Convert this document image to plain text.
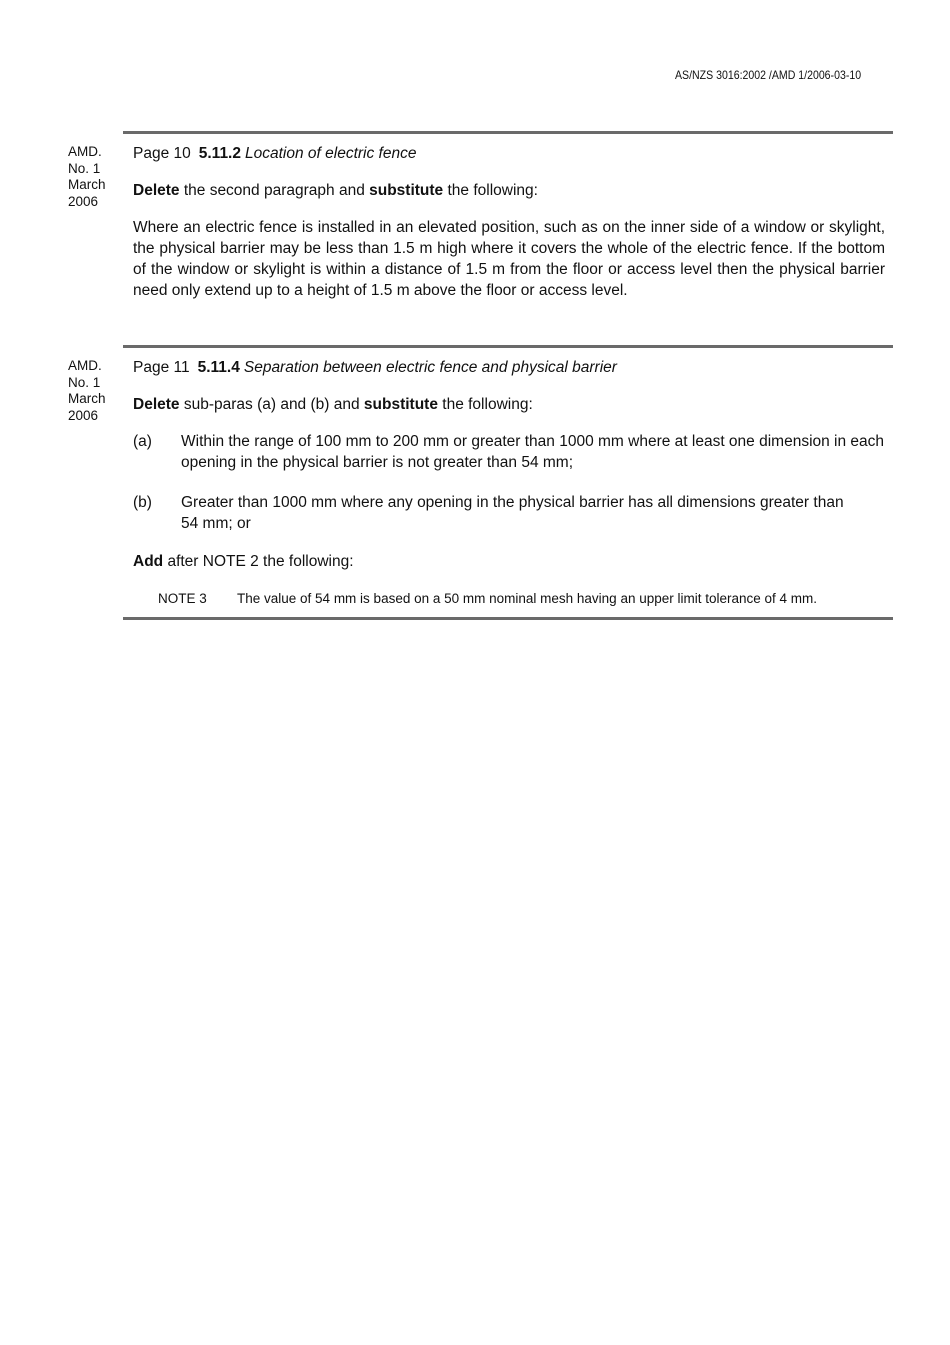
AS/NZS 3016:2002 /AMD 1/2006-03-10
AMD.
No. 1
March
2006

Page 10 5.11.2 Location of electric fence

Delete the second paragraph and substitute the following:

Where an electric fence is installed in an elevated position, such as on the inner side of a window or skylight, the physical barrier may be less than 1.5 m high where it covers the whole of the electric fence. If the bottom of the window or skylight is within a distance of 1.5 m from the floor or access level then the physical barrier need only extend up to a height of 1.5 m above the floor or access level.

AMD.
No. 1
March
2006

Page 11 5.11.4 Separation between electric fence and physical barrier

Delete sub-paras (a) and (b) and substitute the following:

(a)	Within the range of 100 mm to 200 mm or greater than 1000 mm where at least one dimension in each opening in the physical barrier is not greater than 54 mm;
(b)	Greater than 1000 mm where any opening in the physical barrier has all dimensions greater than
54 mm; or

Add after NOTE 2 the following:

NOTE 3	The value of 54 mm is based on a 50 mm nominal mesh having an upper limit tolerance of 4 mm.
